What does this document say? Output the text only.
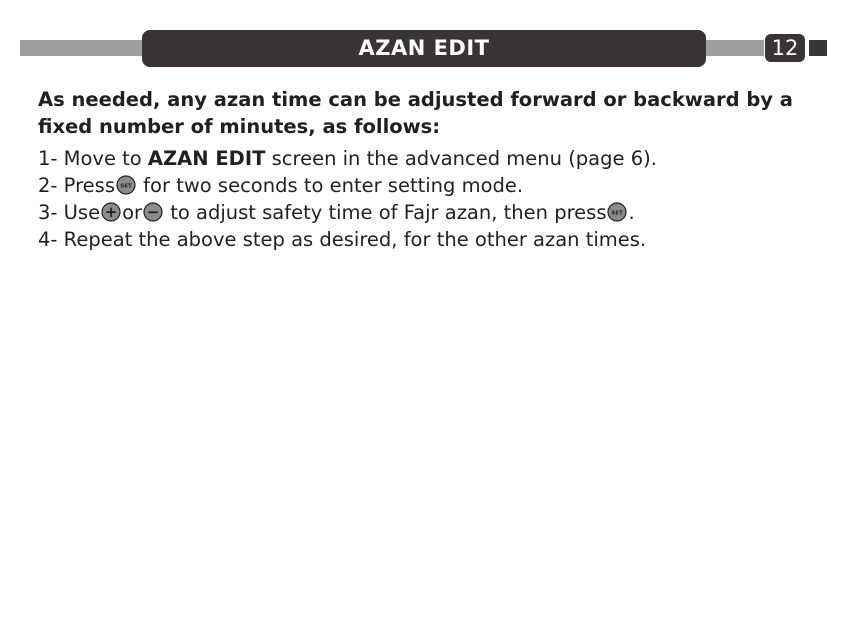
AZAN EDIT	12
As needed, any azan time can be adjusted forward or backward by a fixed number of minutes, as follows:
1- Move to AZAN EDIT screen in the advanced menu (page 6).
2- Press SET for two seconds to enter setting mode.
3- Use + or − to adjust safety time of Fajr azan, then press SET .
4- Repeat the above step as desired, for the other azan times.
